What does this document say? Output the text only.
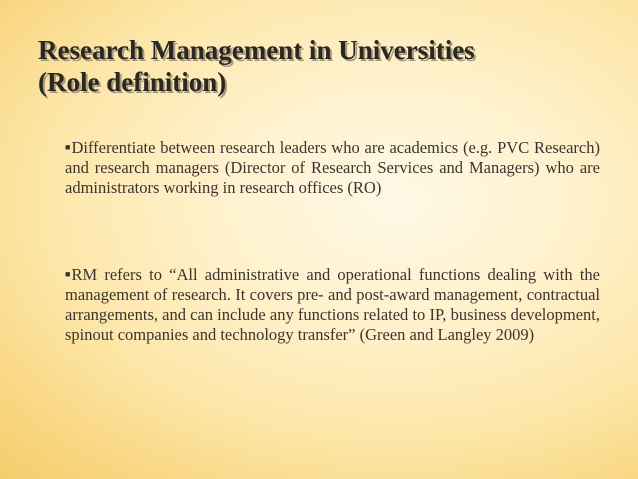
Research Management in Universities
(Role definition)

■Differentiate between research leaders who are academics (e.g. PVC Research) and research managers (Director of Research Services and Managers) who are administrators working in research offices (RO)

■RM refers to “All administrative and operational functions dealing with the management of research. It covers pre- and post-award management, contractual arrangements, and can include any functions related to IP, business development, spinout companies and technology transfer” (Green and Langley 2009)
